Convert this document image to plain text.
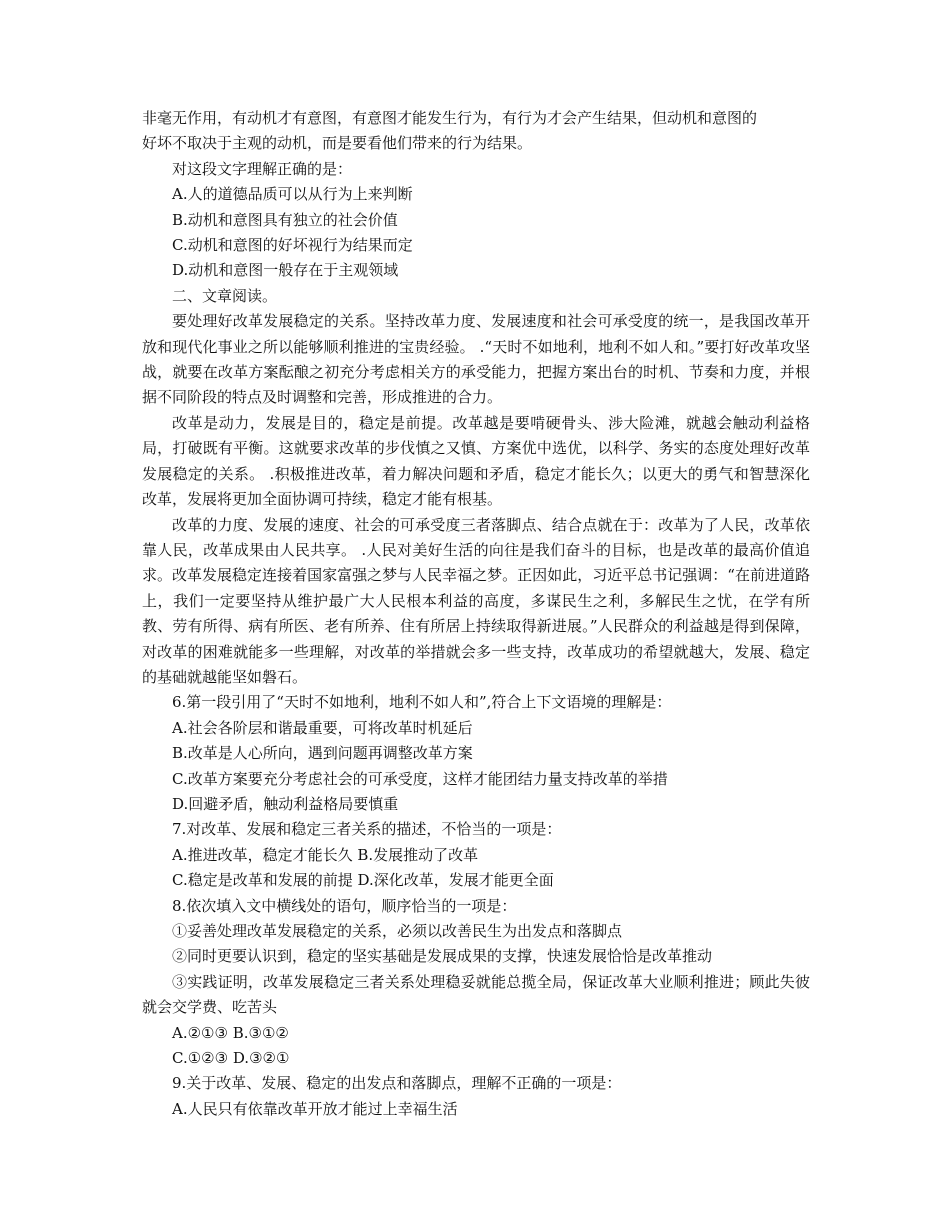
非毫无作用，有动机才有意图，有意图才能发生行为，有行为才会产生结果，但动机和意图的

好坏不取决于主观的动机，而是要看他们带来的行为结果。

对这段文字理解正确的是：

A.人的道德品质可以从行为上来判断

B.动机和意图具有独立的社会价值

C.动机和意图的好坏视行为结果而定

D.动机和意图一般存在于主观领域

二、文章阅读。

要处理好改革发展稳定的关系。坚持改革力度、发展速度和社会可承受度的统一，是我国改革开放和现代化事业之所以能够顺利推进的宝贵经验。 .“天时不如地利，地利不如人和。”要打好改革攻坚战，就要在改革方案酝酿之初充分考虑相关方的承受能力，把握方案出台的时机、节奏和力度，并根据不同阶段的特点及时调整和完善，形成推进的合力。

改革是动力，发展是目的，稳定是前提。改革越是要啃硬骨头、涉大险滩，就越会触动利益格局，打破既有平衡。这就要求改革的步伐慎之又慎、方案优中选优，以科学、务实的态度处理好改革发展稳定的关系。 .积极推进改革，着力解决问题和矛盾，稳定才能长久；以更大的勇气和智慧深化改革，发展将更加全面协调可持续，稳定才能有根基。

改革的力度、发展的速度、社会的可承受度三者落脚点、结合点就在于：改革为了人民，改革依靠人民，改革成果由人民共享。 .人民对美好生活的向往是我们奋斗的目标，也是改革的最高价值追求。改革发展稳定连接着国家富强之梦与人民幸福之梦。正因如此，习近平总书记强调：“在前进道路上，我们一定要坚持从维护最广大人民根本利益的高度，多谋民生之利，多解民生之忧，在学有所教、劳有所得、病有所医、老有所养、住有所居上持续取得新进展。”人民群众的利益越是得到保障，对改革的困难就能多一些理解，对改革的举措就会多一些支持，改革成功的希望就越大，发展、稳定的基础就越能坚如磐石。

6.第一段引用了“天时不如地利，地利不如人和”,符合上下文语境的理解是：

A.社会各阶层和谐最重要，可将改革时机延后

B.改革是人心所向，遇到问题再调整改革方案

C.改革方案要充分考虑社会的可承受度，这样才能团结力量支持改革的举措

D.回避矛盾，触动利益格局要慎重

7.对改革、发展和稳定三者关系的描述，不恰当的一项是：

A.推进改革，稳定才能长久 B.发展推动了改革

C.稳定是改革和发展的前提 D.深化改革，发展才能更全面

8.依次填入文中横线处的语句，顺序恰当的一项是：

①妥善处理改革发展稳定的关系，必须以改善民生为出发点和落脚点

②同时更要认识到，稳定的坚实基础是发展成果的支撑，快速发展恰恰是改革推动

③实践证明，改革发展稳定三者关系处理稳妥就能总揽全局，保证改革大业顺利推进；顾此失彼就会交学费、吃苦头

A.②①③ B.③①②

C.①②③ D.③②①

9.关于改革、发展、稳定的出发点和落脚点，理解不正确的一项是：

A.人民只有依靠改革开放才能过上幸福生活
